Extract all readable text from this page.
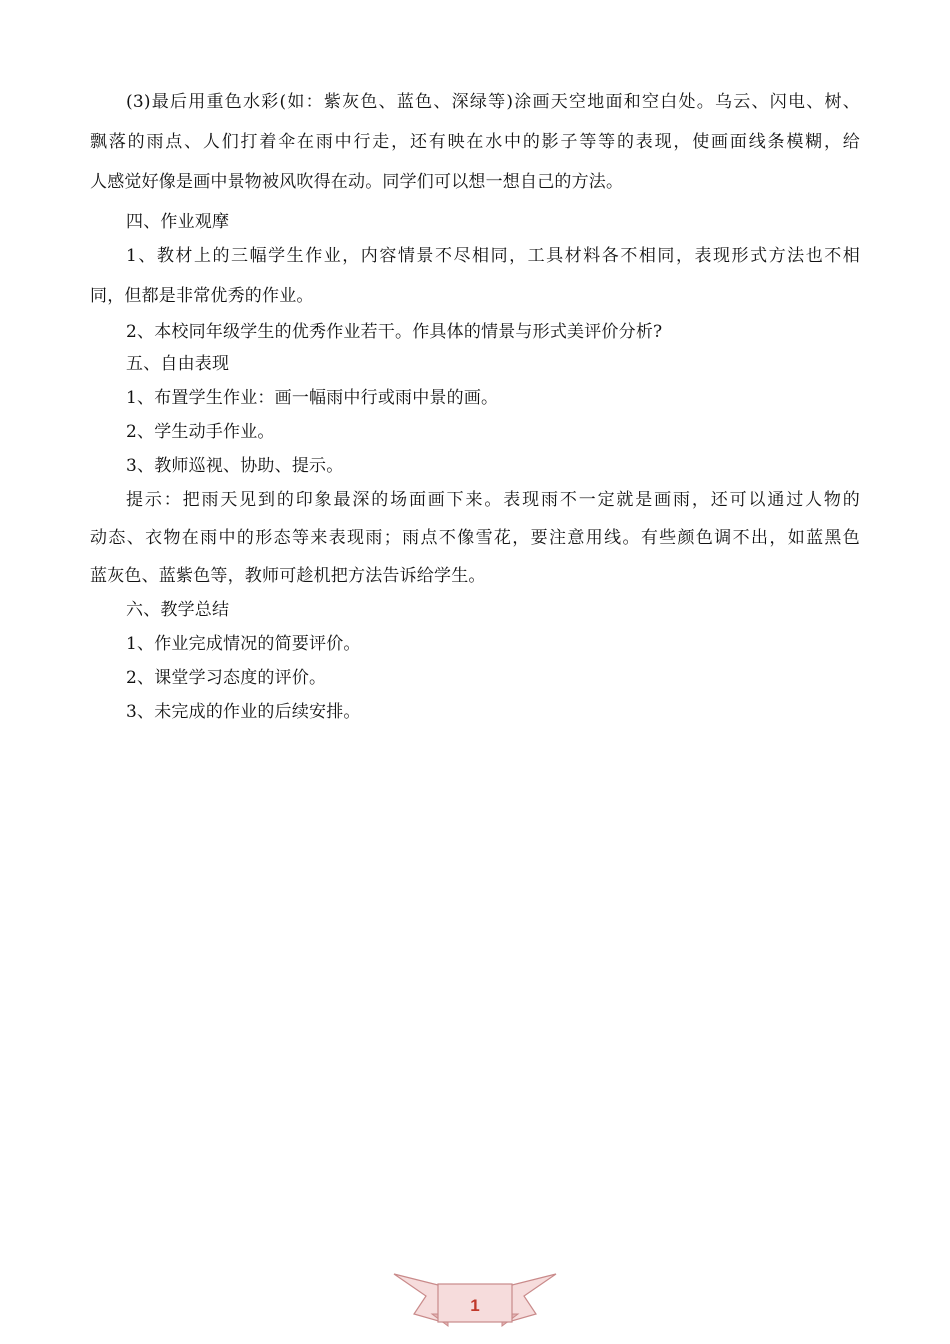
(3)最后用重色水彩(如：紫灰色、蓝色、深绿等)涂画天空地面和空白处。乌云、闪电、树、
飘落的雨点、人们打着伞在雨中行走，还有映在水中的影子等等的表现，使画面线条模糊，给
人感觉好像是画中景物被风吹得在动。同学们可以想一想自己的方法。
四、作业观摩
1、教材上的三幅学生作业，内容情景不尽相同，工具材料各不相同，表现形式方法也不相
同，但都是非常优秀的作业。
2、本校同年级学生的优秀作业若干。作具体的情景与形式美评价分析?
五、自由表现
1、布置学生作业：画一幅雨中行或雨中景的画。
2、学生动手作业。
3、教师巡视、协助、提示。
提示：把雨天见到的印象最深的场面画下来。表现雨不一定就是画雨，还可以通过人物的
动态、衣物在雨中的形态等来表现雨；雨点不像雪花，要注意用线。有些颜色调不出，如蓝黑色
蓝灰色、蓝紫色等，教师可趁机把方法告诉给学生。
六、教学总结
1、作业完成情况的简要评价。
2、课堂学习态度的评价。
3、未完成的作业的后续安排。
1
